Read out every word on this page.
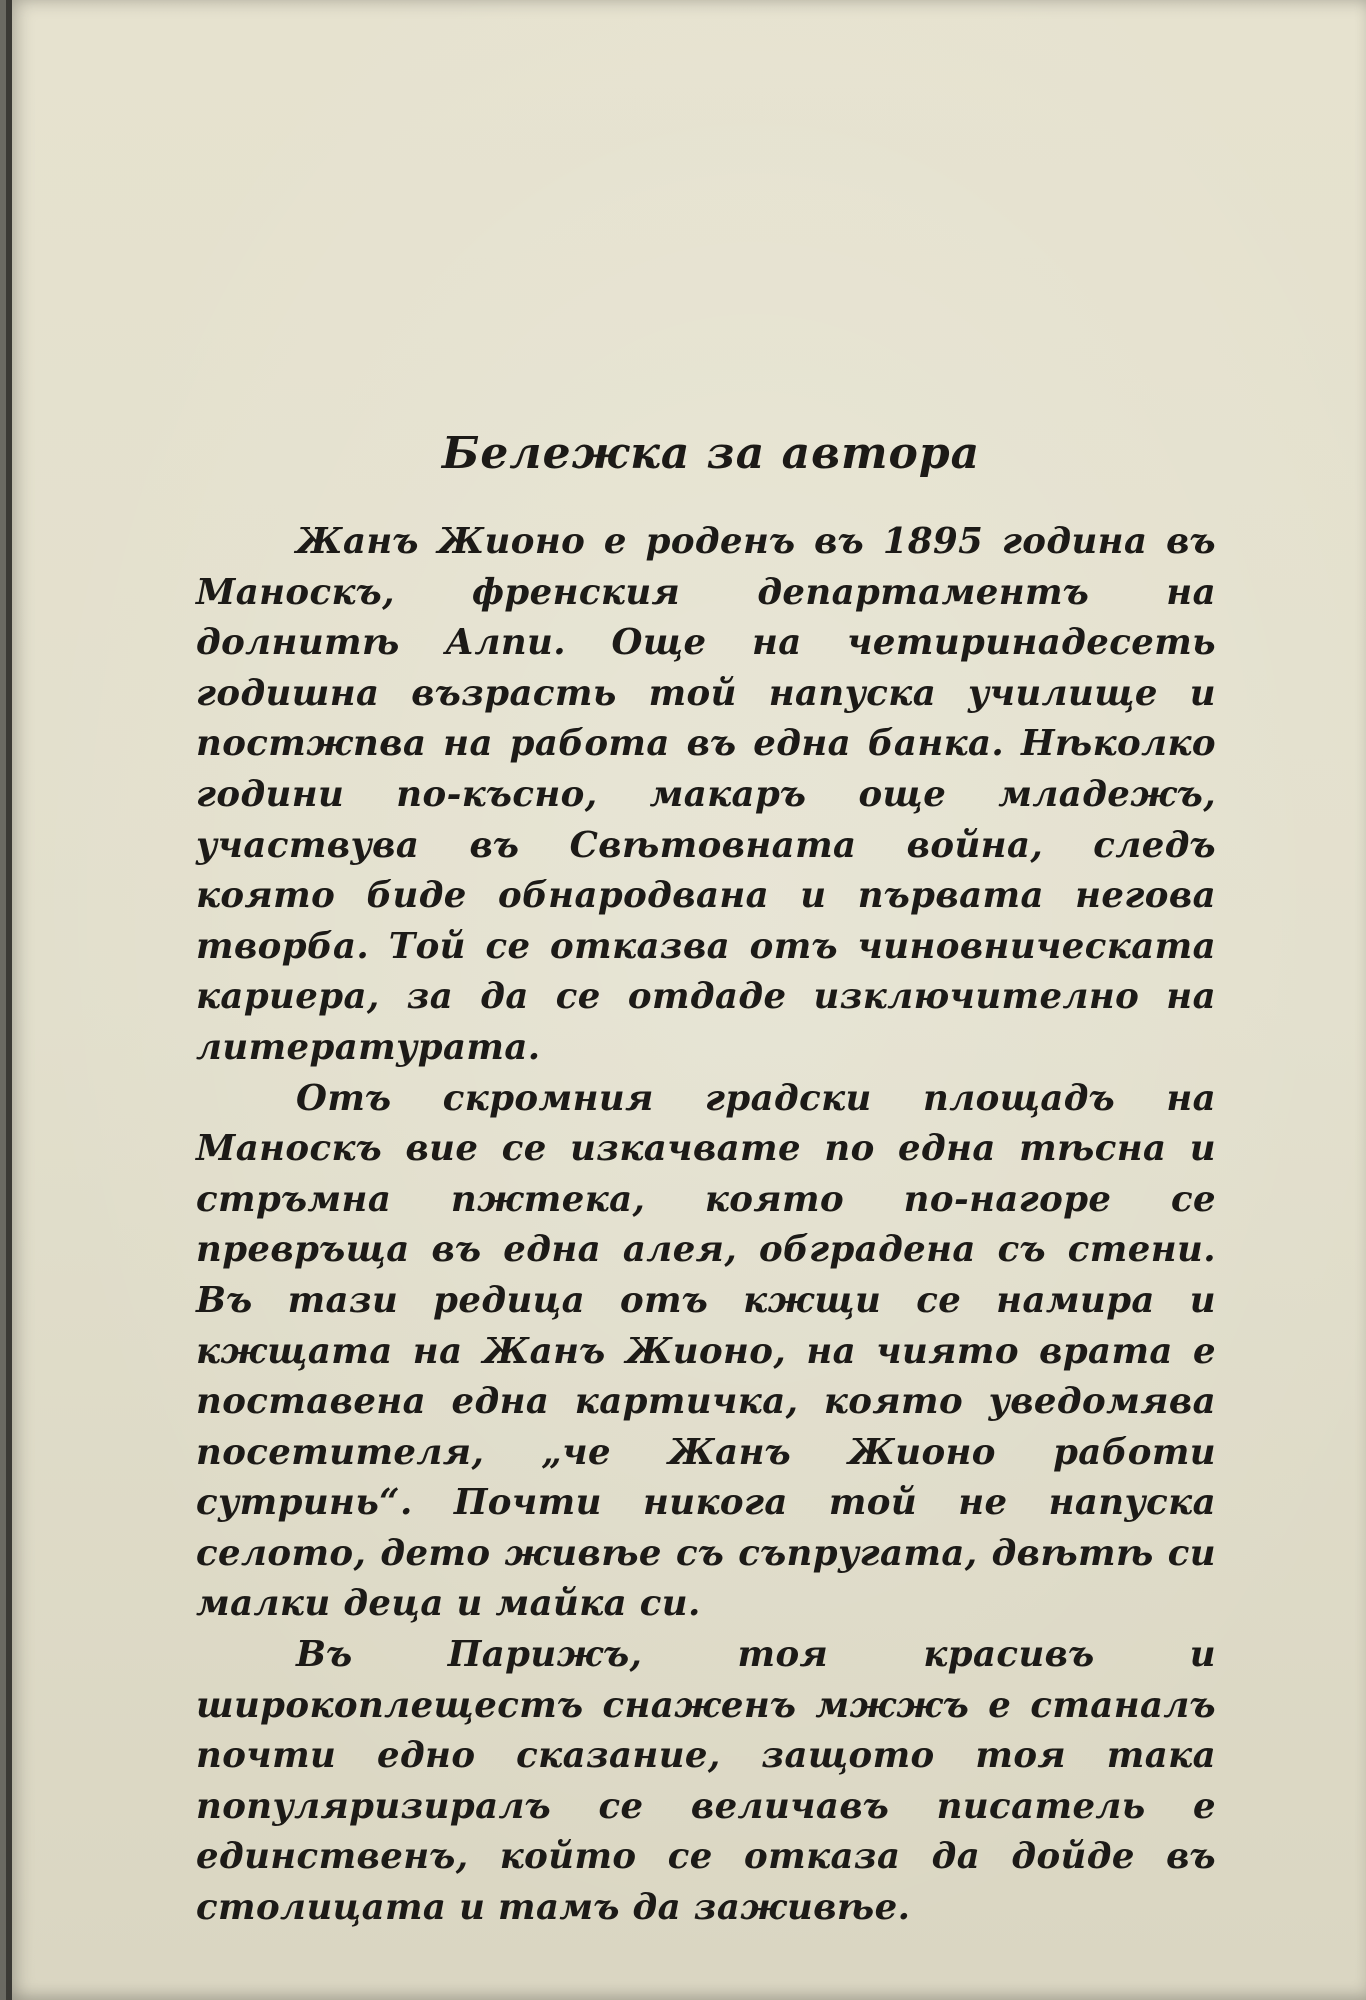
Бележка за автора

Жанъ Жионо е роденъ въ 1895 година въ Маноскъ, френския департаментъ на долнитѣ Алпи. Още на четиринадесеть годишна възрасть той напуска училище и постжпва на работа въ една банка. Нѣколко години по-късно, макаръ още младежъ, участвува въ Свѣтовната война, следъ която биде обнародвана и първата негова творба. Той се отказва отъ чиновническата кариера, за да се отдаде изключително на литературата.

Отъ скромния градски площадъ на Маноскъ вие се изкачвате по една тѣсна и стръмна пжтека, която по-нагоре се превръща въ една алея, обградена съ стени. Въ тази редица отъ кжщи се намира и кжщата на Жанъ Жионо, на чиято врата е поставена една картичка, която уведомява посетителя, „че Жанъ Жионо работи сутринь“. Почти никога той не напуска селото, дето живѣе съ съпругата, двѣтѣ си малки деца и майка си.

Въ Парижъ, тоя красивъ и широкоплещестъ снаженъ мжжъ е станалъ почти едно сказание, защото тоя така популяризиралъ се величавъ писатель е единственъ, който се отказа да дойде въ столицата и тамъ да заживѣе.
